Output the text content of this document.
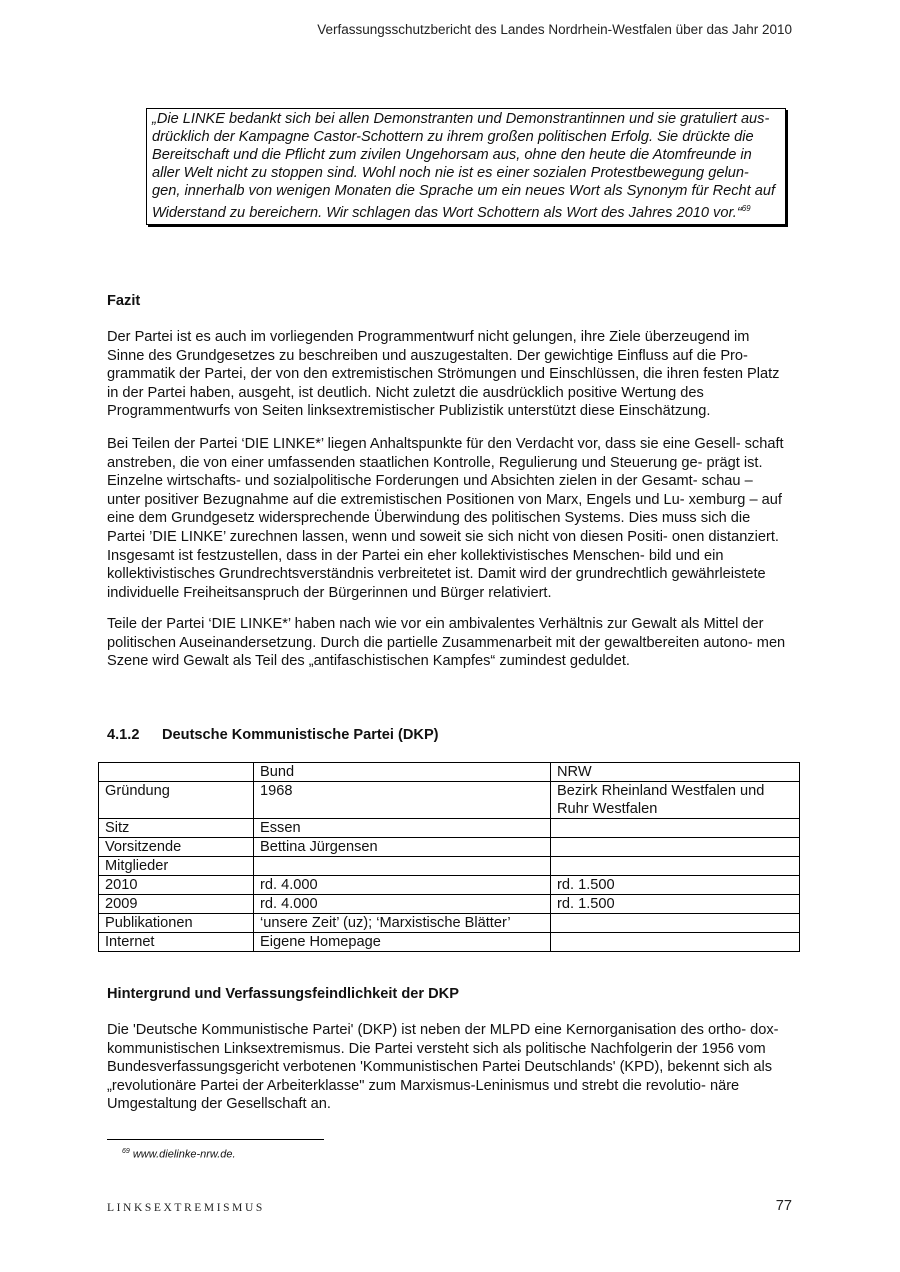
Verfassungsschutzbericht des Landes Nordrhein-Westfalen über das Jahr 2010
„Die LINKE bedankt sich bei allen Demonstranten und Demonstrantinnen und sie gratuliert aus- drücklich der Kampagne Castor-Schottern zu ihrem großen politischen Erfolg. Sie drückte die Bereitschaft und die Pflicht zum zivilen Ungehorsam aus, ohne den heute die Atomfreunde in aller Welt nicht zu stoppen sind. Wohl noch nie ist es einer sozialen Protestbewegung gelun- gen, innerhalb von wenigen Monaten die Sprache um ein neues Wort als Synonym für Recht auf Widerstand zu bereichern. Wir schlagen das Wort Schottern als Wort des Jahres 2010 vor.“$^{69}$
Fazit

Der Partei ist es auch im vorliegenden Programmentwurf nicht gelungen, ihre Ziele überzeugend im Sinne des Grundgesetzes zu beschreiben und auszugestalten. Der gewichtige Einfluss auf die Pro- grammatik der Partei, der von den extremistischen Strömungen und Einschlüssen, die ihren festen Platz in der Partei haben, ausgeht, ist deutlich. Nicht zuletzt die ausdrücklich positive Wertung des Programmentwurfs von Seiten linksextremistischer Publizistik unterstützt diese Einschätzung.

Bei Teilen der Partei ‘DIE LINKE*’ liegen Anhaltspunkte für den Verdacht vor, dass sie eine Gesell- schaft anstreben, die von einer umfassenden staatlichen Kontrolle, Regulierung und Steuerung ge- prägt ist. Einzelne wirtschafts- und sozialpolitische Forderungen und Absichten zielen in der Gesamt- schau – unter positiver Bezugnahme auf die extremistischen Positionen von Marx, Engels und Lu- xemburg – auf eine dem Grundgesetz widersprechende Überwindung des politischen Systems. Dies muss sich die Partei ’DIE LINKE’ zurechnen lassen, wenn und soweit sie sich nicht von diesen Positi- onen distanziert. Insgesamt ist festzustellen, dass in der Partei ein eher kollektivistisches Menschen- bild und ein kollektivistisches Grundrechtsverständnis verbreitetet ist. Damit wird der grundrechtlich gewährleistete individuelle Freiheitsanspruch der Bürgerinnen und Bürger relativiert.

Teile der Partei ‘DIE LINKE*’ haben nach wie vor ein ambivalentes Verhältnis zur Gewalt als Mittel der politischen Auseinandersetzung. Durch die partielle Zusammenarbeit mit der gewaltbereiten autono- men Szene wird Gewalt als Teil des „antifaschistischen Kampfes“ zumindest geduldet.

4.1.2 Deutsche Kommunistische Partei (DKP)
	Bund	NRW
Gründung	1968	Bezirk Rheinland Westfalen und Ruhr Westfalen
Sitz	Essen	
Vorsitzende	Bettina Jürgensen	
Mitglieder		
2010	rd. 4.000	rd. 1.500
2009	rd. 4.000	rd. 1.500
Publikationen	‘unsere Zeit’ (uz); ‘Marxistische Blätter’	
Internet	Eigene Homepage	
Hintergrund und Verfassungsfeindlichkeit der DKP

Die 'Deutsche Kommunistische Partei' (DKP) ist neben der MLPD eine Kernorganisation des ortho- dox-kommunistischen Linksextremismus. Die Partei versteht sich als politische Nachfolgerin der 1956 vom Bundesverfassungsgericht verbotenen 'Kommunistischen Partei Deutschlands' (KPD), bekennt sich als „revolutionäre Partei der Arbeiterklasse" zum Marxismus-Leninismus und strebt die revolutio- näre Umgestaltung der Gesellschaft an.

$^{69}$ www.dielinke-nrw.de.
LINKSEXTREMISMUS	77
